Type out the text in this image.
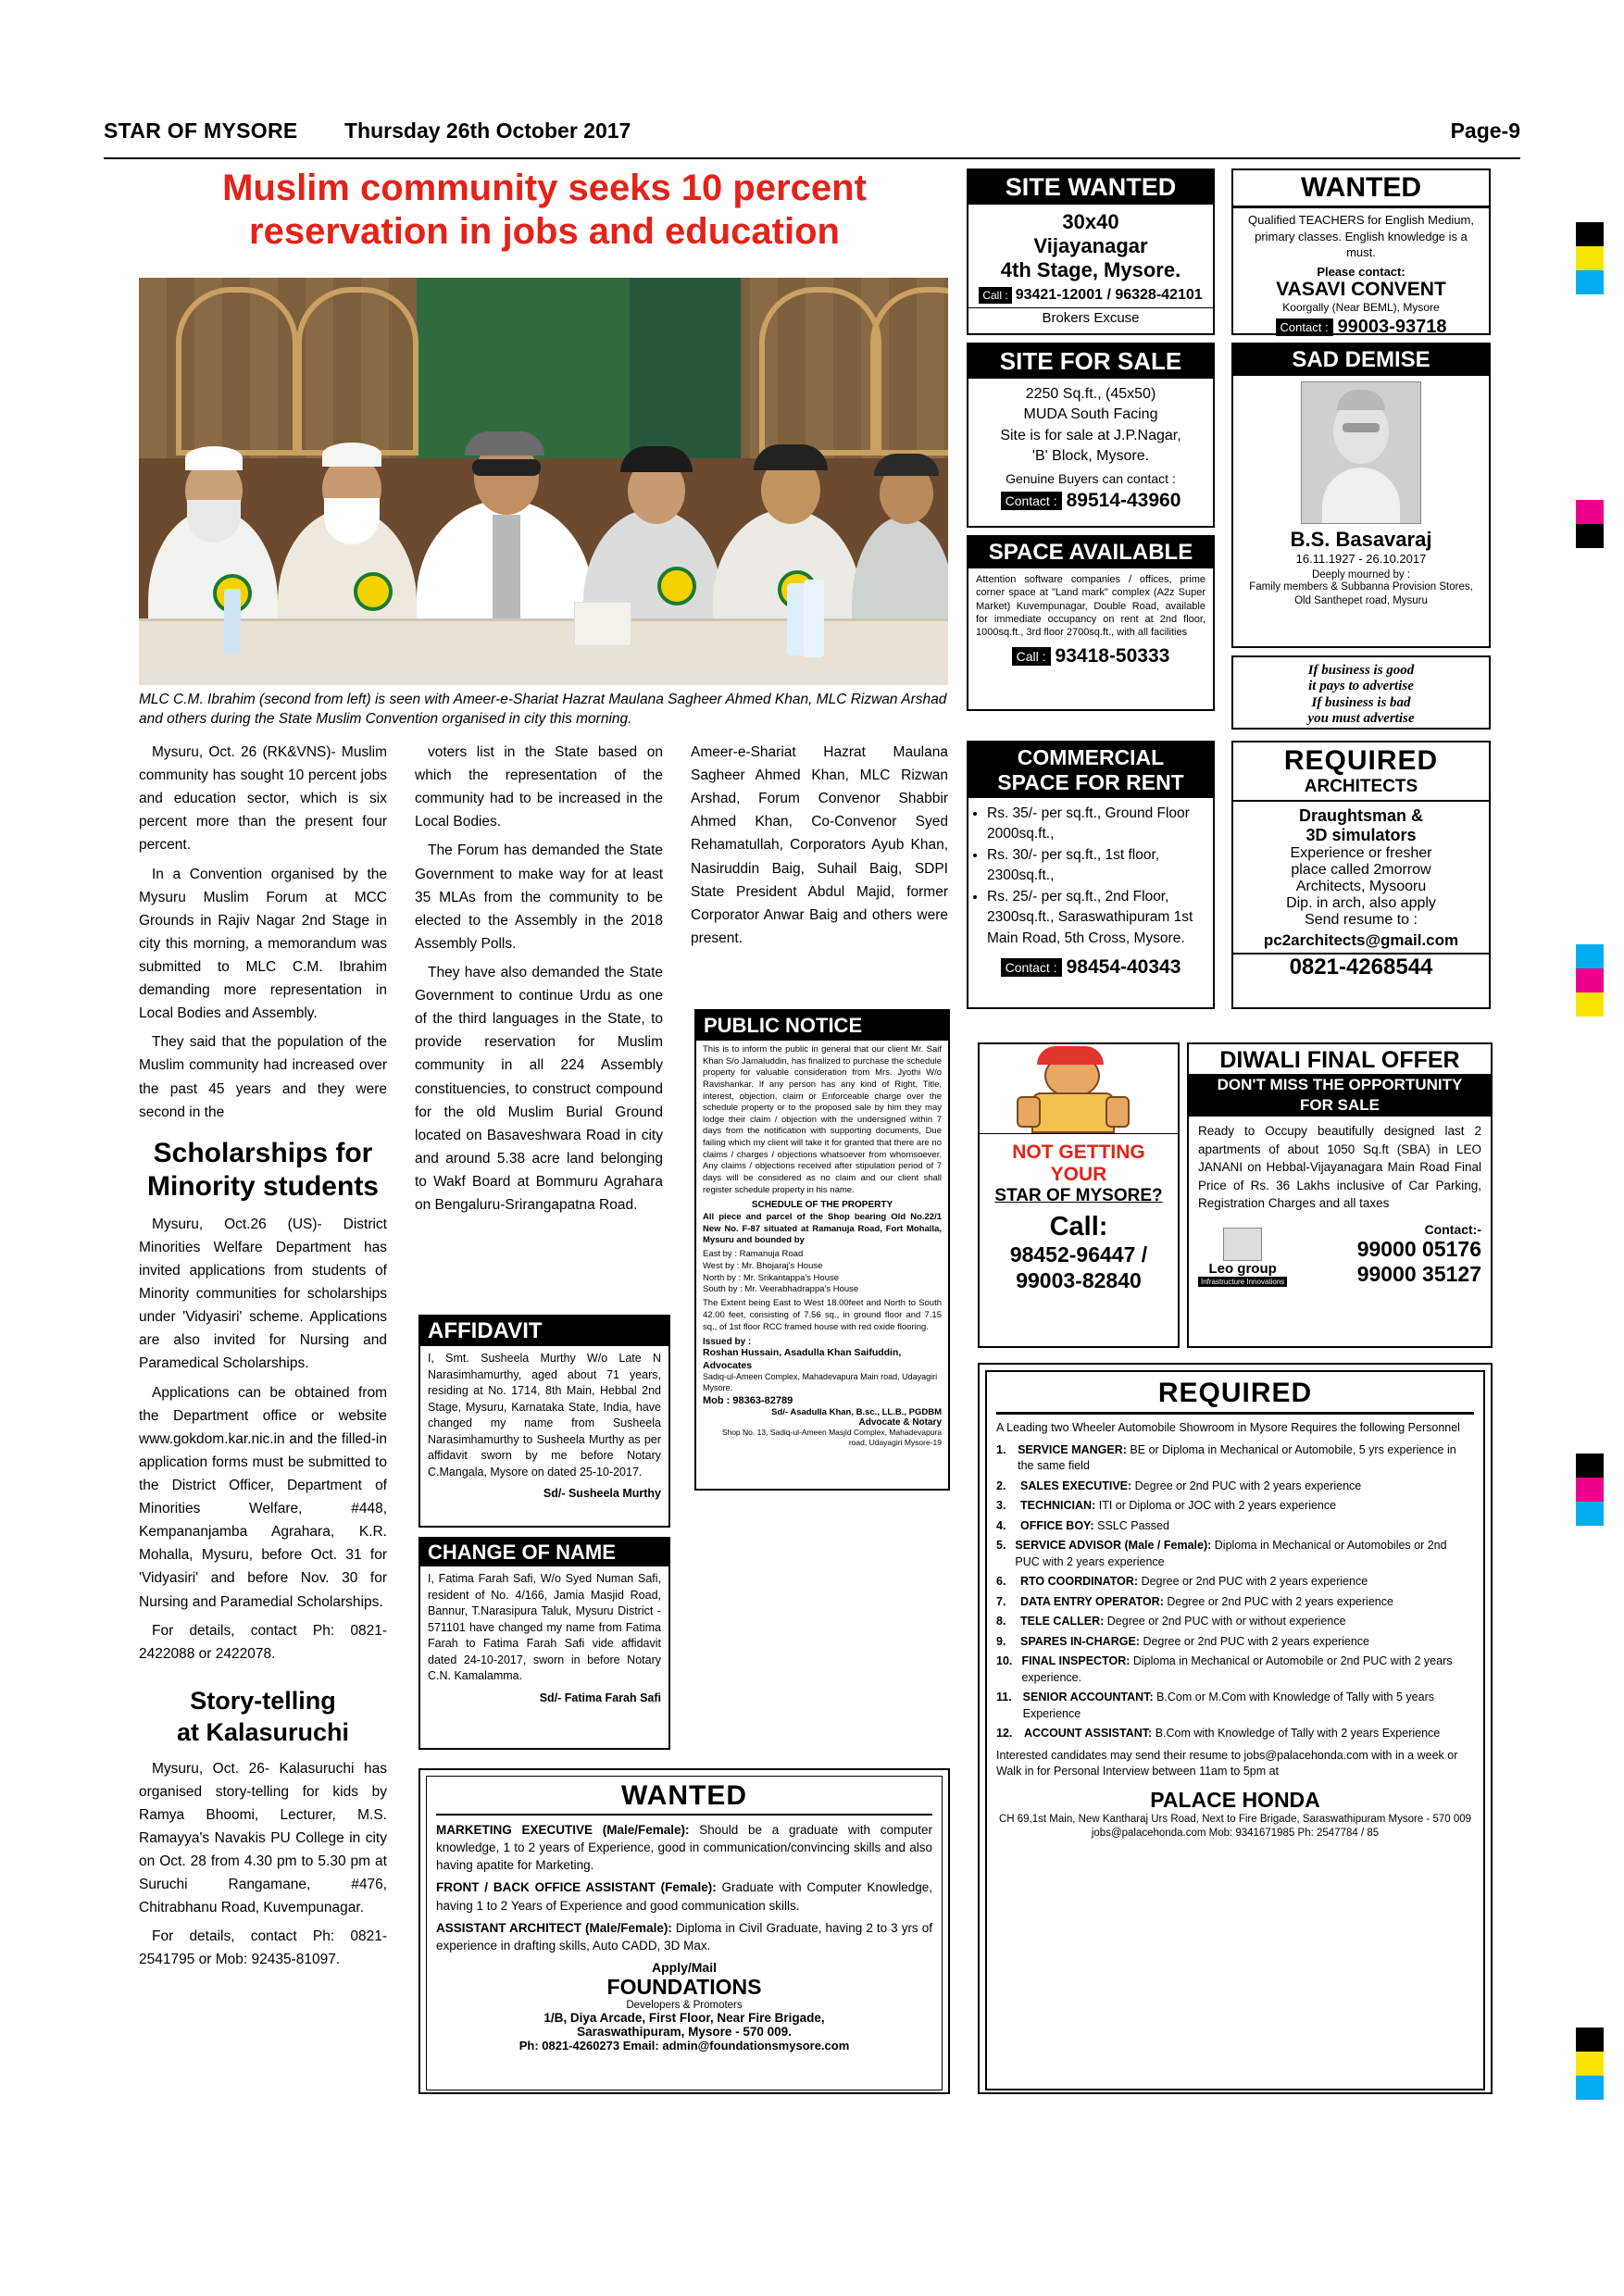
STAR OF MYSORE Thursday 26th October 2017	Page-9
Muslim community seeks 10 percent reservation in jobs and education
MLC C.M. Ibrahim (second from left) is seen with Ameer-e-Shariat Hazrat Maulana Sagheer Ahmed Khan, MLC Rizwan Arshad and others during the State Muslim Convention organised in city this morning.

Mysuru, Oct. 26 (RK&VNS)- Muslim community has sought 10 percent jobs and education sector, which is six percent more than the present four percent.

In a Convention organised by the Mysuru Muslim Forum at MCC Grounds in Rajiv Nagar 2nd Stage in city this morning, a memorandum was submitted to MLC C.M. Ibrahim demanding more representation in Local Bodies and Assembly.

They said that the population of the Muslim community had increased over the past 45 years and they were second in the

Scholarships for Minority students

Mysuru, Oct.26 (US)- District Minorities Welfare Department has invited applications from students of Minority communities for scholarships under 'Vidyasiri' scheme. Applications are also invited for Nursing and Paramedical Scholarships.

Applications can be obtained from the Department office or website www.gokdom.kar.nic.in and the filled-in application forms must be submitted to the District Officer, Department of Minorities Welfare, #448, Kempananjamba Agrahara, K.R. Mohalla, Mysuru, before Oct. 31 for 'Vidyasiri' and before Nov. 30 for Nursing and Paramedial Scholarships.

For details, contact Ph: 0821-2422088 or 2422078.

Story-telling
at Kalasuruchi

Mysuru, Oct. 26- Kalasuruchi has organised story-telling for kids by Ramya Bhoomi, Lecturer, M.S. Ramayya's Navakis PU College in city on Oct. 28 from 4.30 pm to 5.30 pm at Suruchi Rangamane, #476, Chitrabhanu Road, Kuvempunagar.

For details, contact Ph: 0821-2541795 or Mob: 92435-81097.

voters list in the State based on which the representation of the community had to be increased in the Local Bodies.

The Forum has demanded the State Government to make way for at least 35 MLAs from the community to be elected to the Assembly in the 2018 Assembly Polls.

They have also demanded the State Government to continue Urdu as one of the third languages in the State, to provide reservation for Muslim community in all 224 Assembly constituencies, to construct compound for the old Muslim Burial Ground located on Basaveshwara Road in city and around 5.38 acre land belonging to Wakf Board at Bommuru Agrahara on Bengaluru-Srirangapatna Road.

Ameer-e-Shariat Hazrat Maulana Sagheer Ahmed Khan, MLC Rizwan Arshad, Forum Convenor Shabbir Ahmed Khan, Co-Convenor Syed Rehamatullah, Corporators Ayub Khan, Nasiruddin Baig, Suhail Baig, SDPI State President Abdul Majid, former Corporator Anwar Baig and others were present.

SITE WANTED
30x40
Vijayanagar
4th Stage, Mysore.
Call : 93421-12001 / 96328-42101
Brokers Excuse
SITE FOR SALE
2250 Sq.ft., (45x50)
MUDA South Facing
Site is for sale at J.P.Nagar,
'B' Block, Mysore.
Genuine Buyers can contact :
Contact : 89514-43960
SPACE AVAILABLE
Attention software companies / offices, prime corner space at "Land mark" complex (A2z Super Market) Kuvempunagar, Double Road, available for immediate occupancy on rent at 2nd floor, 1000sq.ft., 3rd floor 2700sq.ft., with all facilities
Call : 93418-50333
COMMERCIAL
SPACE FOR RENT
• Rs. 35/- per sq.ft., Ground Floor 2000sq.ft.,
• Rs. 30/- per sq.ft., 1st floor, 2300sq.ft.,
• Rs. 25/- per sq.ft., 2nd Floor, 2300sq.ft., Saraswathipuram 1st Main Road, 5th Cross, Mysore.
Contact : 98454-40343
PUBLIC NOTICE
This is to inform the public in general that our client Mr. Saif Khan S/o Jamaluddin, has finalized to purchase the schedule property for valuable consideration from Mrs. Jyothi W/o Ravishankar. If any person has any kind of Right, Title, interest, objection, claim or Enforceable charge over the schedule property or to the proposed sale by him they may lodge their claim / objection with the undersigned within 7 days from the notification with supporting documents, Due failing which my client will take it for granted that there are no claims / charges / objections whatsoever from whomsoever. Any claims / objections received after stipulation period of 7 days will be considered as no claim and our client shall register schedule property in his name.
SCHEDULE OF THE PROPERTY
All piece and parcel of the Shop bearing Old No.22/1 New No. F-87 situated at Ramanuja Road, Fort Mohalla, Mysuru and bounded by
East by : Ramanuja Road
West by : Mr. Bhojaraj's House
North by : Mr. Srikantappa's House
South by : Mr. Veerabhadrappa's House
The Extent being East to West 18.00feet and North to South 42.00 feet, consisting of 7.56 sq., in ground floor and 7.15 sq., of 1st floor RCC framed house with red oxide flooring.
Issued by :
Roshan Hussain, Asadulla Khan Saifuddin, Advocates
Sadiq-ul-Ameen Complex, Mahadevapura Main road, Udayagiri Mysore.
Mob : 98363-82789
Sd/- Asadulla Khan, B.sc., LL.B., PGDBM
Advocate & Notary
Shop No. 13, Sadiq-ul-Ameen Masjid Complex, Mahadevapura road, Udayagiri Mysore-19
AFFIDAVIT
I, Smt. Susheela Murthy W/o Late N Narasimhamurthy, aged about 71 years, residing at No. 1714, 8th Main, Hebbal 2nd Stage, Mysuru, Karnataka State, India, have changed my name from Susheela Narasimhamurthy to Susheela Murthy as per affidavit sworn by me before Notary C.Mangala, Mysore on dated 25-10-2017.
Sd/- Susheela Murthy
CHANGE OF NAME
I, Fatima Farah Safi, W/o Syed Numan Safi, resident of No. 4/166, Jamia Masjid Road, Bannur, T.Narasipura Taluk, Mysuru District - 571101 have changed my name from Fatima Farah to Fatima Farah Safi vide affidavit dated 24-10-2017, sworn in before Notary C.N. Kamalamma.
Sd/- Fatima Farah Safi
WANTED
Qualified TEACHERS for English Medium, primary classes. English knowledge is a must.
Please contact:
VASAVI CONVENT
Koorgally (Near BEML), Mysore
Contact : 99003-93718
SAD DEMISE
B.S. Basavaraj
16.11.1927 - 26.10.2017
Deeply mourned by :
Family members & Subbanna Provision Stores, Old Santhepet road, Mysuru
If business is good
it pays to advertise
If business is bad
you must advertise
REQUIRED
ARCHITECTS
Draughtsman &
3D simulators
Experience or fresher
place called 2morrow
Architects, Mysooru
Dip. in arch, also apply
Send resume to :
pc2architects@gmail.com
0821-4268544
NOT GETTING
YOUR
STAR OF MYSORE?
Call:
98452-96447 / 99003-82840
DIWALI FINAL OFFER
DON'T MISS THE OPPORTUNITY
FOR SALE
Ready to Occupy beautifully designed last 2 apartments of about 1050 Sq.ft (SBA) in LEO JANANI on Hebbal-Vijayanagara Main Road Final Price of Rs. 36 Lakhs inclusive of Car Parking, Registration Charges and all taxes
Leo group
Infrastructure Innovations
Contact:-
99000 05176
99000 35127
REQUIRED
A Leading two Wheeler Automobile Showroom in Mysore Requires the following Personnel
1.	SERVICE MANGER: BE or Diploma in Mechanical or Automobile, 5 yrs experience in the same field
2.	SALES EXECUTIVE: Degree or 2nd PUC with 2 years experience
3.	TECHNICIAN: ITI or Diploma or JOC with 2 years experience
4.	OFFICE BOY: SSLC Passed
5. SERVICE ADVISOR (Male / Female): Diploma in Mechanical or Automobiles or 2nd PUC with 2 years experience
6.	RTO COORDINATOR: Degree or 2nd PUC with 2 years experience
7.	DATA ENTRY OPERATOR: Degree or 2nd PUC with 2 years experience
8.	TELE CALLER: Degree or 2nd PUC with or without experience
9.	SPARES IN-CHARGE: Degree or 2nd PUC with 2 years experience
10. FINAL INSPECTOR: Diploma in Mechanical or Automobile or 2nd PUC with 2 years experience.
11. SENIOR ACCOUNTANT: B.Com or M.Com with Knowledge of Tally with 5 years Experience
12.	ACCOUNT ASSISTANT: B.Com with Knowledge of Tally with 2 years Experience
Interested candidates may send their resume to jobs@palacehonda.com with in a week or Walk in for Personal Interview between 11am to 5pm at
PALACE HONDA
CH 69,1st Main, New Kantharaj Urs Road, Next to Fire Brigade, Saraswathipuram Mysore - 570 009
jobs@palacehonda.com Mob: 9341671985 Ph: 2547784 / 85
WANTED
MARKETING EXECUTIVE (Male/Female): Should be a graduate with computer knowledge, 1 to 2 years of Experience, good in communication/convincing skills and also having apatite for Marketing.
FRONT / BACK OFFICE ASSISTANT (Female): Graduate with Computer Knowledge, having 1 to 2 Years of Experience and good communication skills.
ASSISTANT ARCHITECT (Male/Female): Diploma in Civil Graduate, having 2 to 3 yrs of experience in drafting skills, Auto CADD, 3D Max.
Apply/Mail
FOUNDATIONS
Developers & Promoters
1/B, Diya Arcade, First Floor, Near Fire Brigade,
Saraswathipuram, Mysore - 570 009.
Ph: 0821-4260273 Email: admin@foundationsmysore.com
